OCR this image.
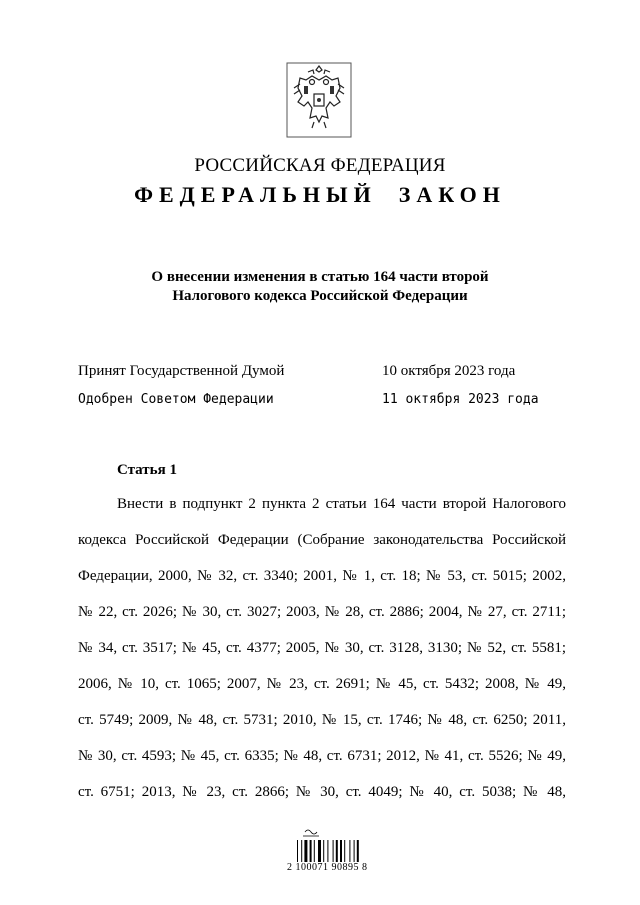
РОССИЙСКАЯ ФЕДЕРАЦИЯ
ФЕДЕРАЛЬНЫЙ ЗАКОН
О внесении изменения в статью 164 части второй
Налогового кодекса Российской Федерации
Принят Государственной Думой	10 октября 2023 года
Одобрен Советом Федерации	11 октября 2023 года
Статья 1
Внести в подпункт 2 пункта 2 статьи 164 части второй Налогового
кодекса Российской Федерации (Собрание законодательства Российской
Федерации, 2000, № 32, ст. 3340; 2001, № 1, ст. 18; № 53, ст. 5015; 2002,
№ 22, ст. 2026; № 30, ст. 3027; 2003, № 28, ст. 2886; 2004, № 27, ст. 2711;
№ 34, ст. 3517; № 45, ст. 4377; 2005, № 30, ст. 3128, 3130; № 52, ст. 5581;
2006, № 10, ст. 1065; 2007, № 23, ст. 2691; № 45, ст. 5432; 2008, № 49,
ст. 5749; 2009, № 48, ст. 5731; 2010, № 15, ст. 1746; № 48, ст. 6250; 2011,
№ 30, ст. 4593; № 45, ст. 6335; № 48, ст. 6731; 2012, № 41, ст. 5526; № 49,
ст. 6751; 2013, № 23, ст. 2866; № 30, ст. 4049; № 40, ст. 5038; № 48,
2 100071 90895 8
